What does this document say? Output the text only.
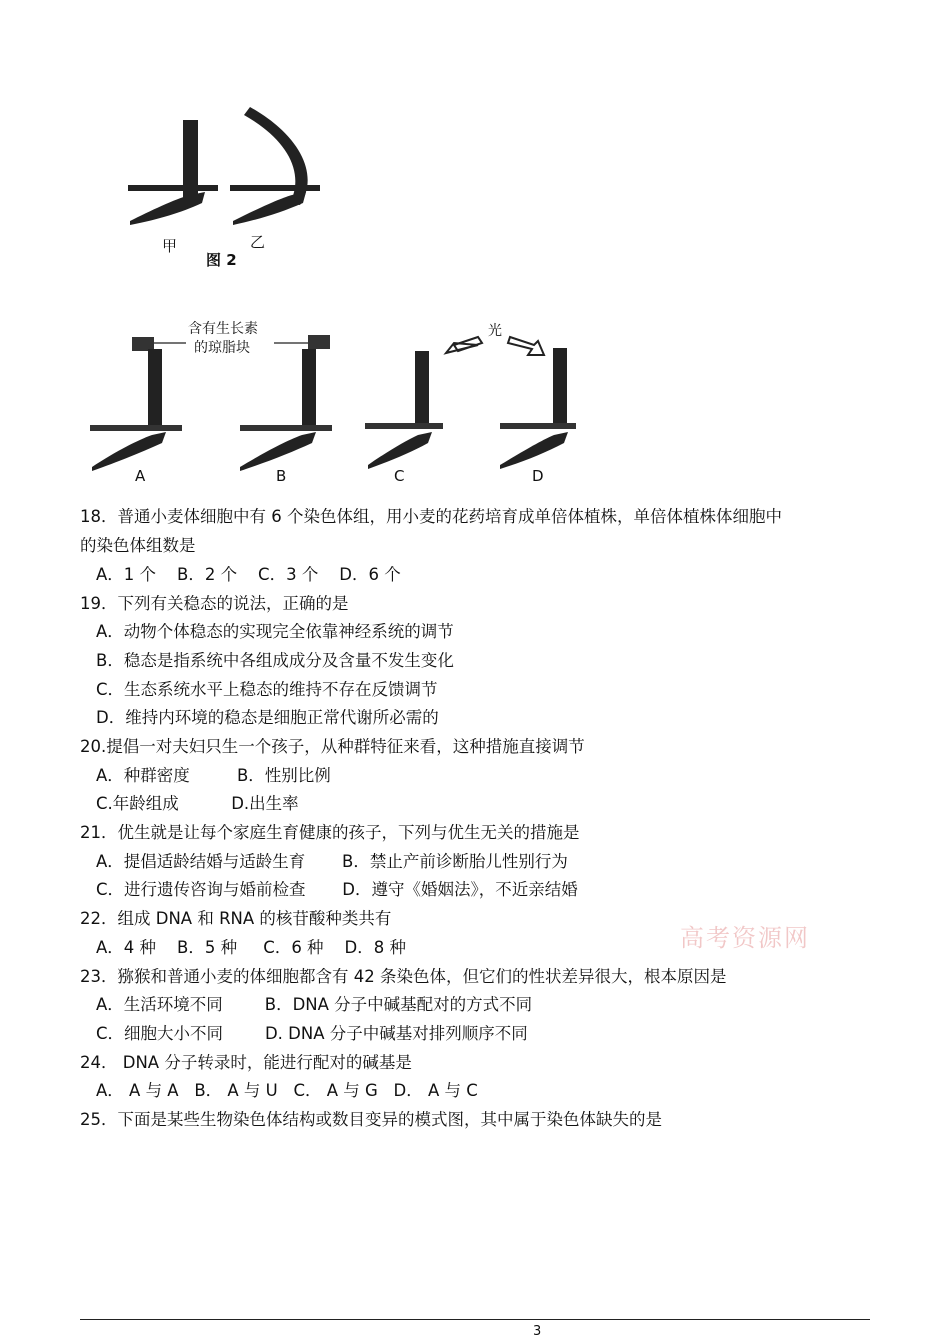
甲	乙
图 2
含有生长素
的琼脂块
光
A	B	C	D
18．普通小麦体细胞中有 6 个染色体组，用小麦的花药培育成单倍体植株，单倍体植株体细胞中
的染色体组数是
A．1 个    B．2 个    C．3 个    D．6 个
19．下列有关稳态的说法，正确的是
A．动物个体稳态的实现完全依靠神经系统的调节
B．稳态是指系统中各组成成分及含量不发生变化
C．生态系统水平上稳态的维持不存在反馈调节
D．维持内环境的稳态是细胞正常代谢所必需的
20.提倡一对夫妇只生一个孩子，从种群特征来看，这种措施直接调节
A．种群密度         B．性别比例
C.年龄组成          D.出生率
21．优生就是让每个家庭生育健康的孩子，下列与优生无关的措施是
A．提倡适龄结婚与适龄生育       B．禁止产前诊断胎儿性别行为
C．进行遗传咨询与婚前检查       D．遵守《婚姻法》，不近亲结婚
22．组成 DNA 和 RNA 的核苷酸种类共有
A．4 种    B．5 种     C．6 种    D．8 种
23．猕猴和普通小麦的体细胞都含有 42 条染色体，但它们的性状差异很大，根本原因是
A．生活环境不同        B．DNA 分子中碱基配对的方式不同
C．细胞大小不同        D. DNA 分子中碱基对排列顺序不同
24． DNA 分子转录时，能进行配对的碱基是
A． A 与 A   B． A 与 U   C． A 与 G   D． A 与 C
25．下面是某些生物染色体结构或数目变异的模式图，其中属于染色体缺失的是
高考资源网
3
